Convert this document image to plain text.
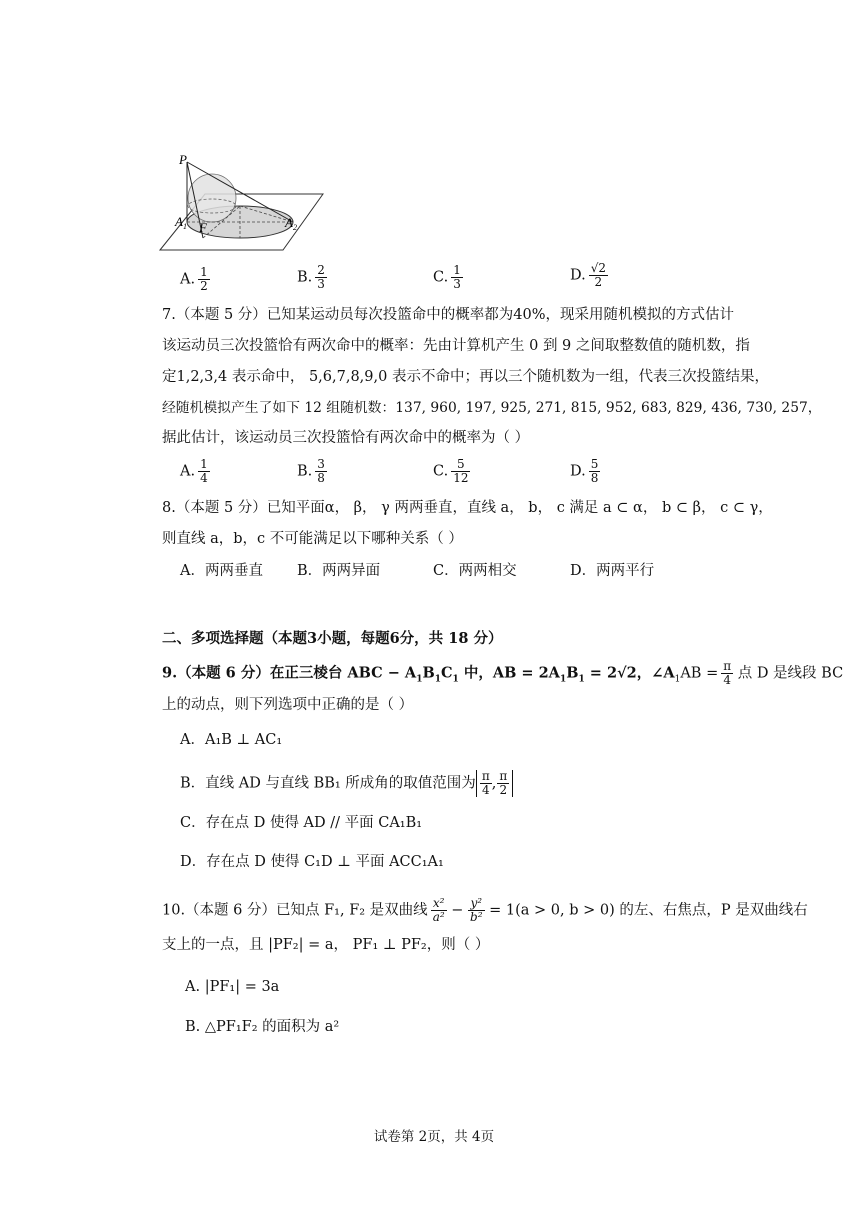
P
$A_1$ F	$A_2$
A. $\frac{1}{2}$	B. $\frac{2}{3}$	C. $\frac{1}{3}$	D. $\frac{√2}{2}$
7.（本题 5 分）已知某运动员每次投篮命中的概率都为40%，现采用随机模拟的方式估计
该运动员三次投篮恰有两次命中的概率：先由计算机产生 0 到 9 之间取整数值的随机数，指
定1,2,3,4 表示命中， 5,6,7,8,9,0 表示不命中；再以三个随机数为一组，代表三次投篮结果，
经随机模拟产生了如下 12 组随机数：137, 960, 197, 925, 271, 815, 952, 683, 829, 436, 730, 257，
据此估计，该运动员三次投篮恰有两次命中的概率为（ ）
A. $\frac{1}{4}$	B. $\frac{3}{8}$	C. $\frac{5}{12}$	D. $\frac{5}{8}$
8.（本题 5 分）已知平面α， β， γ 两两垂直，直线 a， b， c 满足 a ⊂ α， b ⊂ β， c ⊂ γ，
则直线 a，b，c 不可能满足以下哪种关系（ ）
A．两两垂直 B．两两异面	C．两两相交	D．两两平行
二、多项选择题（本题3小题，每题6分，共 18 分）
9.（本题 6 分）在正三棱台 ABC − $A_1B_1C_1$ 中，AB = $2A_1B_1 = 2√2$，$\angle A_1AB = \frac{\pi}{4}$ 点 D 是线段 BC
上的动点，则下列选项中正确的是（ ）
A．A₁B ⊥ AC₁
B．直线 AD 与直线 BB₁ 所成角的取值范围为 $\frac{\pi}{4}$ , $\frac{\pi}{2}$
C．存在点 D 使得 AD // 平面 CA₁B₁
D．存在点 D 使得 C₁D ⊥ 平面 ACC₁A₁
10.（本题 6 分）已知点 F₁, F₂ 是双曲线 $\frac{\text{x²}}{\text{a²}} - \frac{\text{y²}}{\text{b²}} = 1(a > 0$, b > 0) 的左、右焦点，P 是双曲线右
支上的一点，且 |PF₂| = a， PF₁ ⊥ PF₂，则（ ）
A. |PF₁| = 3a
B. △PF₁F₂ 的面积为 a²
试卷第 2页，共 4页
